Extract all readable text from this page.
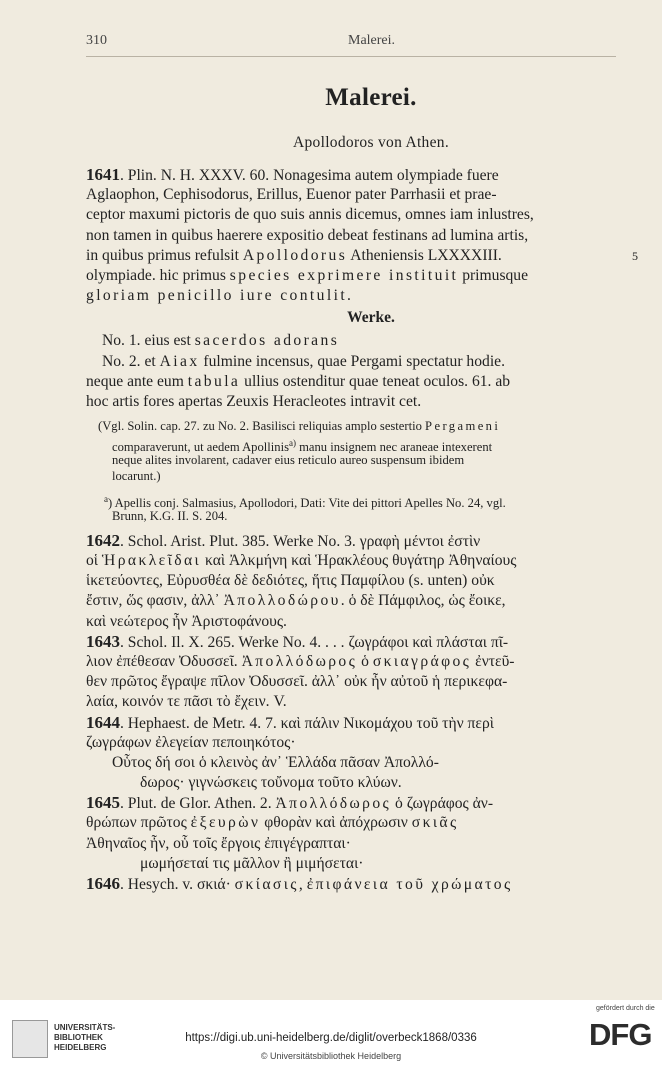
310	Malerei.
Malerei.
Apollodoros von Athen.
1641. Plin. N. H. XXXV. 60. Nonagesima autem olympiade fuere
Aglaophon, Cephisodorus, Erillus, Euenor pater Parrhasii et prae-
ceptor maxumi pictoris de quo suis annis dicemus, omnes iam inlustres,
non tamen in quibus haerere expositio debeat festinans ad lumina artis,
in quibus primus refulsit Apollodorus Atheniensis LXXXXIII.	5
olympiade. hic primus species exprimere instituit primusque
gloriam penicillo iure contulit.
Werke.
No. 1. eius est sacerdos adorans
No. 2. et Aiax fulmine incensus, quae Pergami spectatur hodie.
neque ante eum tabula ullius ostenditur quae teneat oculos. 61. ab
hoc artis fores apertas Zeuxis Heracleotes intravit cet.
(Vgl. Solin. cap. 27. zu No. 2. Basilisci reliquias amplo sestertio Pergameni
comparaverunt, ut aedem Apollinis$^{a)}$ manu insignem nec araneae intexerent
neque alites involarent, cadaver eius reticulo aureo suspensum ibidem
locarunt.)
$^a$) Apellis conj. Salmasius, Apollodori, Dati: Vite dei pittori Apelles No. 24, vgl.
Brunn, K.G. II. S. 204.
1642. Schol. Arist. Plut. 385. Werke No. 3. γραφὴ μέντοι ἐστὶν
οἱ Ἡρακλεῖδαι καὶ Ἀλκμήνη καὶ Ἡρακλέους θυγάτηρ Ἀθηναίους
ἱκετεύοντες, Εὐρυσθέα δὲ δεδιότες, ἥτις Παμφίλου (s. unten) οὐκ
ἔστιν, ὥς φασιν, ἀλλ᾽ Ἀπολλοδώρου. ὁ δὲ Πάμφιλος, ὡς ἔοικε,
καὶ νεώτερος ἦν Ἀριστοφάνους.
1643. Schol. Il. X. 265. Werke No. 4. . . . ζωγράφοι καὶ πλάσται πῖ-
λιον ἐπέθεσαν Ὀδυσσεῖ. Ἀπολλόδωρος ὁ σκιαγράφος ἐντεῦ-
θεν πρῶτος ἔγραψε πῖλον Ὀδυσσεῖ. ἀλλ᾽ οὐκ ἦν αὐτοῦ ἡ περικεφα-
λαία, κοινόν τε πᾶσι τὸ ἔχειν. V.
1644. Hephaest. de Metr. 4. 7. καὶ πάλιν Νικομάχου τοῦ τὴν περὶ
ζωγράφων ἐλεγείαν πεποιηκότος·
Οὗτος δή σοι ὁ κλεινὸς ἀν᾽ Ἑλλάδα πᾶσαν Ἀπολλό-
δωρος· γιγνώσκεις τοὔνομα τοῦτο κλύων.
1645. Plut. de Glor. Athen. 2. Ἀπολλόδωρος ὁ ζωγράφος ἀν-
θρώπων πρῶτος ἐξευρὼν φθορὰν καὶ ἀπόχρωσιν σκιᾶς
Ἀθηναῖος ἦν, οὗ τοῖς ἔργοις ἐπιγέγραπται·
μωμήσεταί τις μᾶλλον ἢ μιμήσεται·
1646. Hesych. v. σκιά· σκίασις, ἐπιφάνεια τοῦ χρώματος
UNIVERSITÄTS-
BIBLIOTHEK
HEIDELBERG
https://digi.ub.uni-heidelberg.de/diglit/overbeck1868/0336
© Universitätsbibliothek Heidelberg
gefördert durch die
DFG
